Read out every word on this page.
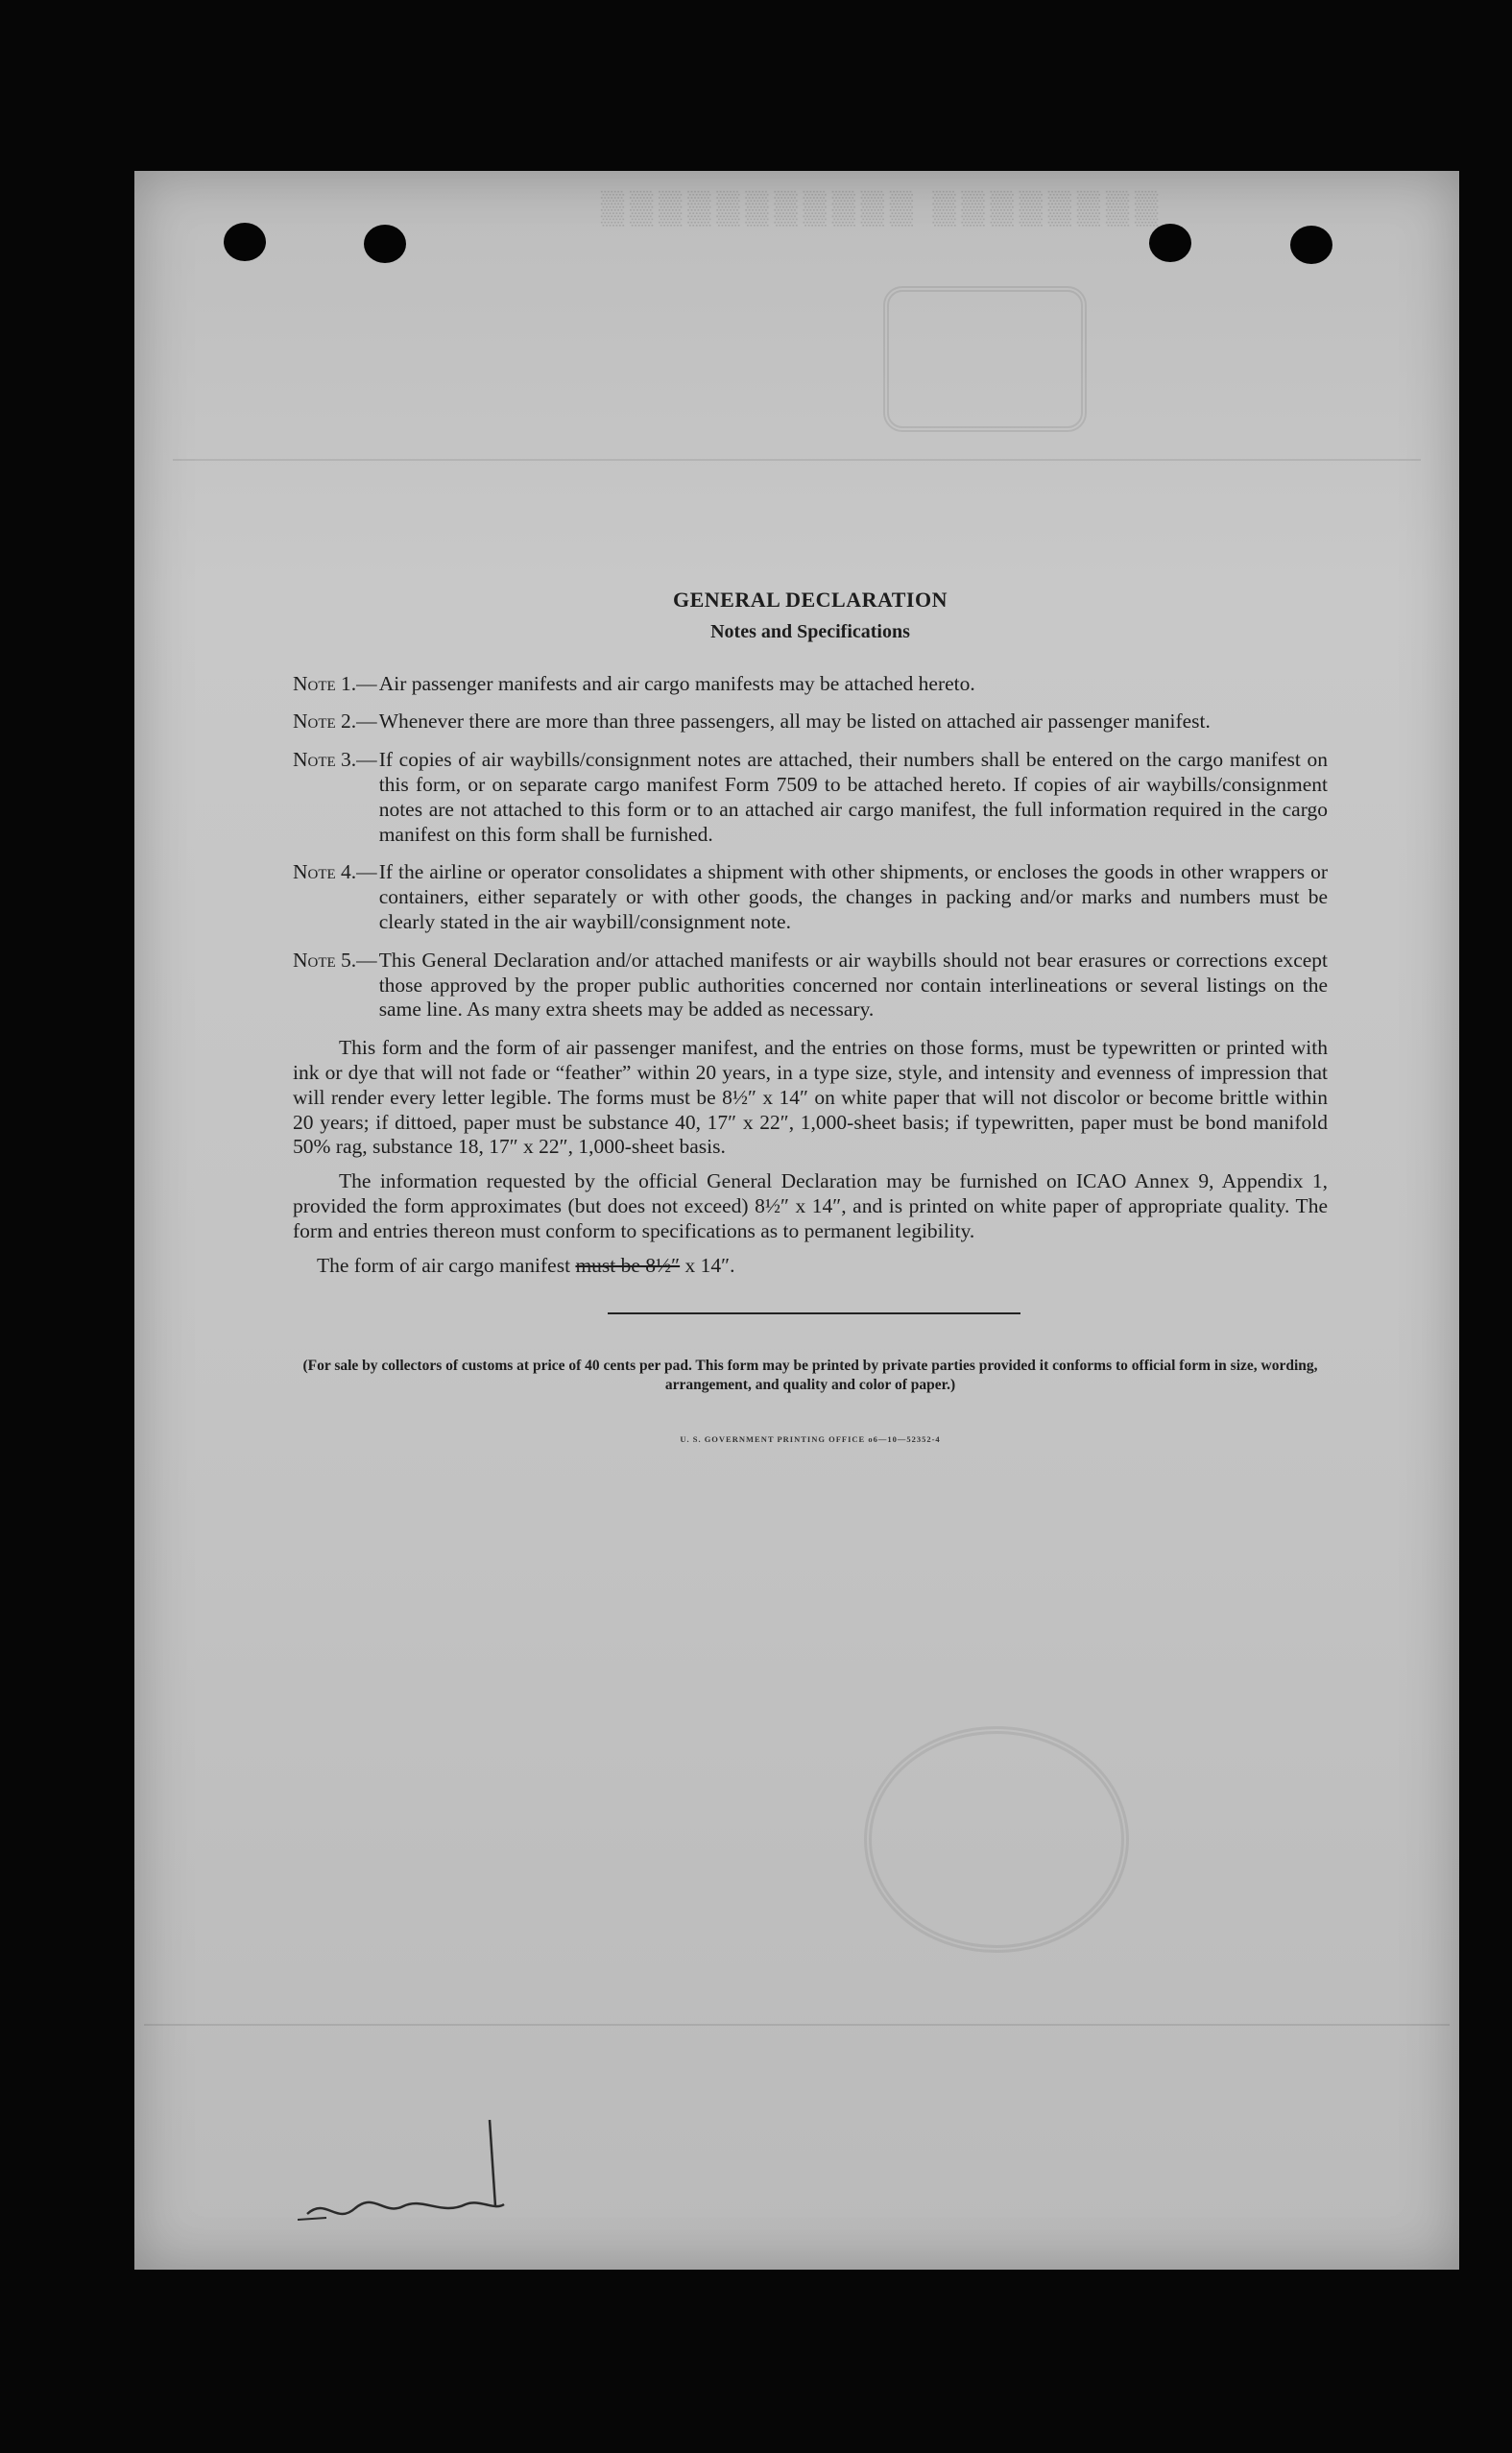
▒▒▒▒▒▒▒▒ ▒▒▒▒▒▒▒▒▒▒▒
GENERAL DECLARATION
Notes and Specifications
Note 1.— Air passenger manifests and air cargo manifests may be attached hereto.
Note 2.— Whenever there are more than three passengers, all may be listed on attached air passenger manifest.
Note 3.— If copies of air waybills/consignment notes are attached, their numbers shall be entered on the cargo manifest on this form, or on separate cargo manifest Form 7509 to be attached hereto. If copies of air waybills/consignment notes are not attached to this form or to an attached air cargo manifest, the full information required in the cargo manifest on this form shall be furnished.
Note 4.— If the airline or operator consolidates a shipment with other shipments, or encloses the goods in other wrappers or containers, either separately or with other goods, the changes in packing and/or marks and numbers must be clearly stated in the air waybill/consignment note.
Note 5.— This General Declaration and/or attached manifests or air waybills should not bear erasures or corrections except those approved by the proper public authorities concerned nor contain interlineations or several listings on the same line. As many extra sheets may be added as necessary.

This form and the form of air passenger manifest, and the entries on those forms, must be typewritten or printed with ink or dye that will not fade or “feather” within 20 years, in a type size, style, and intensity and evenness of impression that will render every letter legible. The forms must be 8½″ x 14″ on white paper that will not discolor or become brittle within 20 years; if dittoed, paper must be substance 40, 17″ x 22″, 1,000-sheet basis; if typewritten, paper must be bond manifold 50% rag, substance 18, 17″ x 22″, 1,000-sheet basis.

The information requested by the official General Declaration may be furnished on ICAO Annex 9, Appendix 1, provided the form approximates (but does not exceed) 8½″ x 14″, and is printed on white paper of appropriate quality. The form and entries thereon must conform to specifications as to permanent legibility.

The form of air cargo manifest must be 8½″ x 14″.
(For sale by collectors of customs at price of 40 cents per pad. This form may be printed by private parties provided it conforms to official form in size, wording, arrangement, and quality and color of paper.)
U. S. GOVERNMENT PRINTING OFFICE o6—10—52352-4
